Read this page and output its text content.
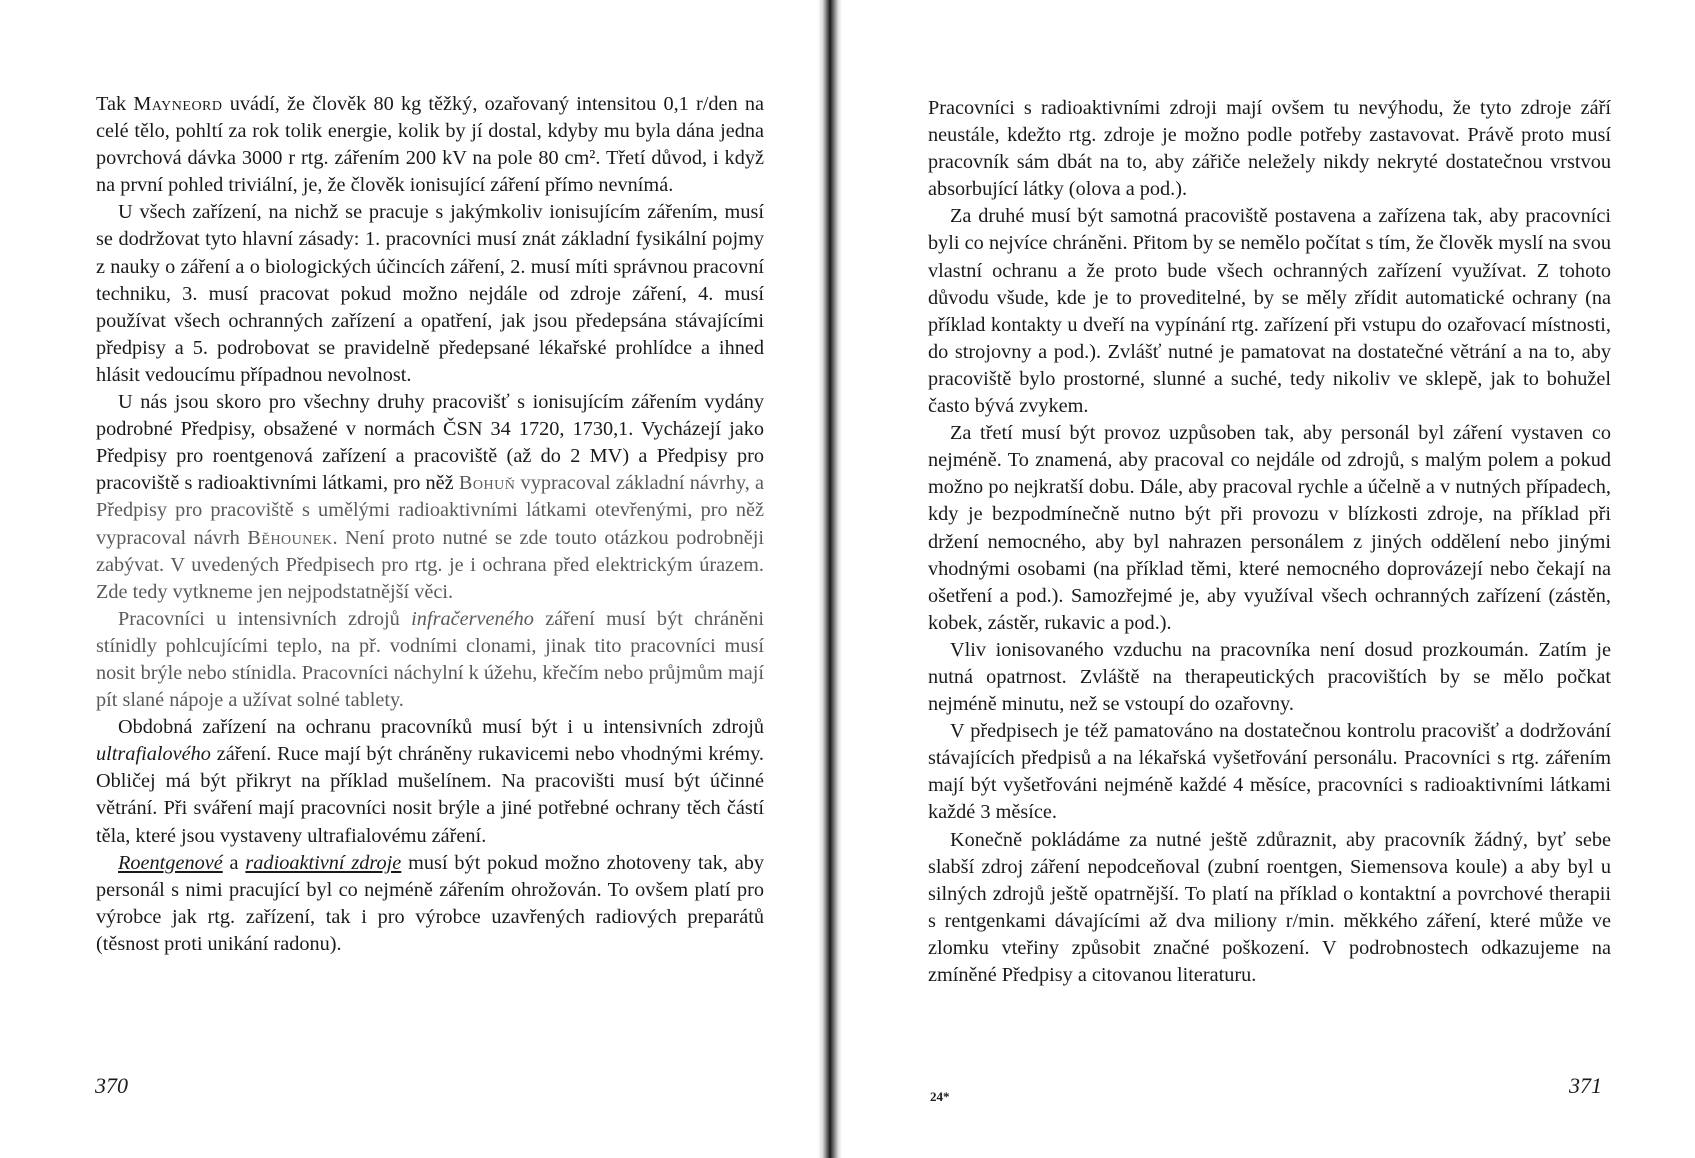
Tak Mayneord uvádí, že člověk 80 kg těžký, ozařovaný intensitou 0,1 r/den na celé tělo, pohltí za rok tolik energie, kolik by jí dostal, kdyby mu byla dána jedna povrchová dávka 3000 r rtg. zářením 200 kV na pole 80 cm². Třetí důvod, i když na první pohled triviální, je, že člověk ionisující záření přímo nevnímá.

U všech zařízení, na nichž se pracuje s jakýmkoliv ionisujícím zářením, musí se dodržovat tyto hlavní zásady: 1. pracovníci musí znát základní fysikální pojmy z nauky o záření a o biologických účincích záření, 2. musí míti správnou pracovní techniku, 3. musí pracovat pokud možno nejdále od zdroje záření, 4. musí používat všech ochranných zařízení a opatření, jak jsou předepsána stávajícími předpisy a 5. podrobovat se pravidelně předepsané lékařské prohlídce a ihned hlásit vedoucímu případnou nevolnost.

U nás jsou skoro pro všechny druhy pracovišť s ionisujícím zářením vydány podrobné Předpisy, obsažené v normách ČSN 34 1720, 1730,1. Vycházejí jako Předpisy pro roentgenová zařízení a pracoviště (až do 2 MV) a Předpisy pro pracoviště s radioaktivními látkami, pro něž Bohuň vypracoval základní návrhy, a Předpisy pro pracoviště s umělými radioaktivními látkami otevřenými, pro něž vypracoval návrh Běhounek. Není proto nutné se zde touto otázkou podrobněji zabývat. V uvedených Předpisech pro rtg. je i ochrana před elektrickým úrazem. Zde tedy vytkneme jen nejpodstatnější věci.

Pracovníci u intensivních zdrojů infračerveného záření musí být chráněni stínidly pohlcujícími teplo, na př. vodními clonami, jinak tito pracovníci musí nosit brýle nebo stínidla. Pracovníci náchylní k úžehu, křečím nebo průjmům mají pít slané nápoje a užívat solné tablety.

Obdobná zařízení na ochranu pracovníků musí být i u intensivních zdrojů ultrafialového záření. Ruce mají být chráněny rukavicemi nebo vhodnými krémy. Obličej má být přikryt na příklad mušelínem. Na pracovišti musí být účinné větrání. Při sváření mají pracovníci nosit brýle a jiné potřebné ochrany těch částí těla, které jsou vystaveny ultrafialovému záření.

Roentgenové a radioaktivní zdroje musí být pokud možno zhotoveny tak, aby personál s nimi pracující byl co nejméně zářením ohrožován. To ovšem platí pro výrobce jak rtg. zařízení, tak i pro výrobce uzavřených radiových preparátů (těsnost proti unikání radonu).

370

Pracovníci s radioaktivními zdroji mají ovšem tu nevýhodu, že tyto zdroje září neustále, kdežto rtg. zdroje je možno podle potřeby zastavovat. Právě proto musí pracovník sám dbát na to, aby zářiče neležely nikdy nekryté dostatečnou vrstvou absorbující látky (olova a pod.).

Za druhé musí být samotná pracoviště postavena a zařízena tak, aby pracovníci byli co nejvíce chráněni. Přitom by se nemělo počítat s tím, že člověk myslí na svou vlastní ochranu a že proto bude všech ochranných zařízení využívat. Z tohoto důvodu všude, kde je to proveditelné, by se měly zřídit automatické ochrany (na příklad kontakty u dveří na vypínání rtg. zařízení při vstupu do ozařovací místnosti, do strojovny a pod.). Zvlášť nutné je pamatovat na dostatečné větrání a na to, aby pracoviště bylo prostorné, slunné a suché, tedy nikoliv ve sklepě, jak to bohužel často bývá zvykem.

Za třetí musí být provoz uzpůsoben tak, aby personál byl záření vystaven co nejméně. To znamená, aby pracoval co nejdále od zdrojů, s malým polem a pokud možno po nejkratší dobu. Dále, aby pracoval rychle a účelně a v nutných případech, kdy je bezpodmínečně nutno být při provozu v blízkosti zdroje, na příklad při držení nemocného, aby byl nahrazen personálem z jiných oddělení nebo jinými vhodnými osobami (na příklad těmi, které nemocného doprovázejí nebo čekají na ošetření a pod.). Samozřejmé je, aby využíval všech ochranných zařízení (zástěn, kobek, zástěr, rukavic a pod.).

Vliv ionisovaného vzduchu na pracovníka není dosud prozkoumán. Zatím je nutná opatrnost. Zvláště na therapeutických pracovištích by se mělo počkat nejméně minutu, než se vstoupí do ozařovny.

V předpisech je též pamatováno na dostatečnou kontrolu pracovišť a dodržování stávajících předpisů a na lékařská vyšetřování personálu. Pracovníci s rtg. zářením mají být vyšetřováni nejméně každé 4 měsíce, pracovníci s radioaktivními látkami každé 3 měsíce.

Konečně pokládáme za nutné ještě zdůraznit, aby pracovník žádný, byť sebe slabší zdroj záření nepodceňoval (zubní roentgen, Siemensova koule) a aby byl u silných zdrojů ještě opatrnější. To platí na příklad o kontaktní a povrchové therapii s rentgenkami dávajícími až dva miliony r/min. měkkého záření, které může ve zlomku vteřiny způsobit značné poškození. V podrobnostech odkazujeme na zmíněné Předpisy a citovanou literaturu.

24*	371
